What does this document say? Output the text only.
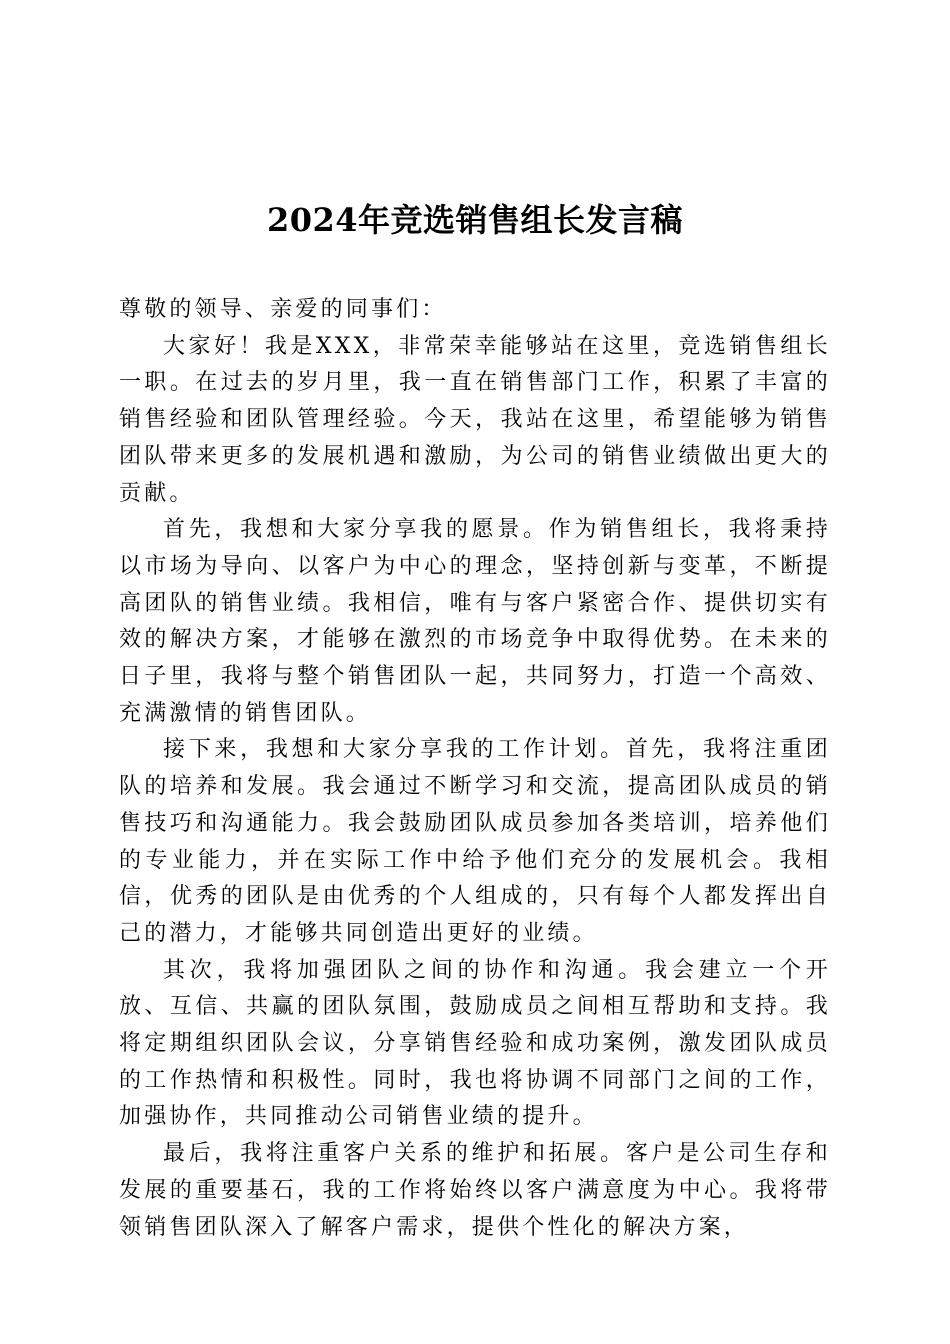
2024年竞选销售组长发言稿

尊敬的领导、亲爱的同事们：

大家好！我是XXX，非常荣幸能够站在这里，竞选销售组长一职。在过去的岁月里，我一直在销售部门工作，积累了丰富的销售经验和团队管理经验。今天，我站在这里，希望能够为销售团队带来更多的发展机遇和激励，为公司的销售业绩做出更大的贡献。

首先，我想和大家分享我的愿景。作为销售组长，我将秉持以市场为导向、以客户为中心的理念，坚持创新与变革，不断提高团队的销售业绩。我相信，唯有与客户紧密合作、提供切实有效的解决方案，才能够在激烈的市场竞争中取得优势。在未来的日子里，我将与整个销售团队一起，共同努力，打造一个高效、充满激情的销售团队。

接下来，我想和大家分享我的工作计划。首先，我将注重团队的培养和发展。我会通过不断学习和交流，提高团队成员的销售技巧和沟通能力。我会鼓励团队成员参加各类培训，培养他们的专业能力，并在实际工作中给予他们充分的发展机会。我相信，优秀的团队是由优秀的个人组成的，只有每个人都发挥出自己的潜力，才能够共同创造出更好的业绩。

其次，我将加强团队之间的协作和沟通。我会建立一个开放、互信、共赢的团队氛围，鼓励成员之间相互帮助和支持。我将定期组织团队会议，分享销售经验和成功案例，激发团队成员的工作热情和积极性。同时，我也将协调不同部门之间的工作，加强协作，共同推动公司销售业绩的提升。

最后，我将注重客户关系的维护和拓展。客户是公司生存和发展的重要基石，我的工作将始终以客户满意度为中心。我将带领销售团队深入了解客户需求，提供个性化的解决方案，
